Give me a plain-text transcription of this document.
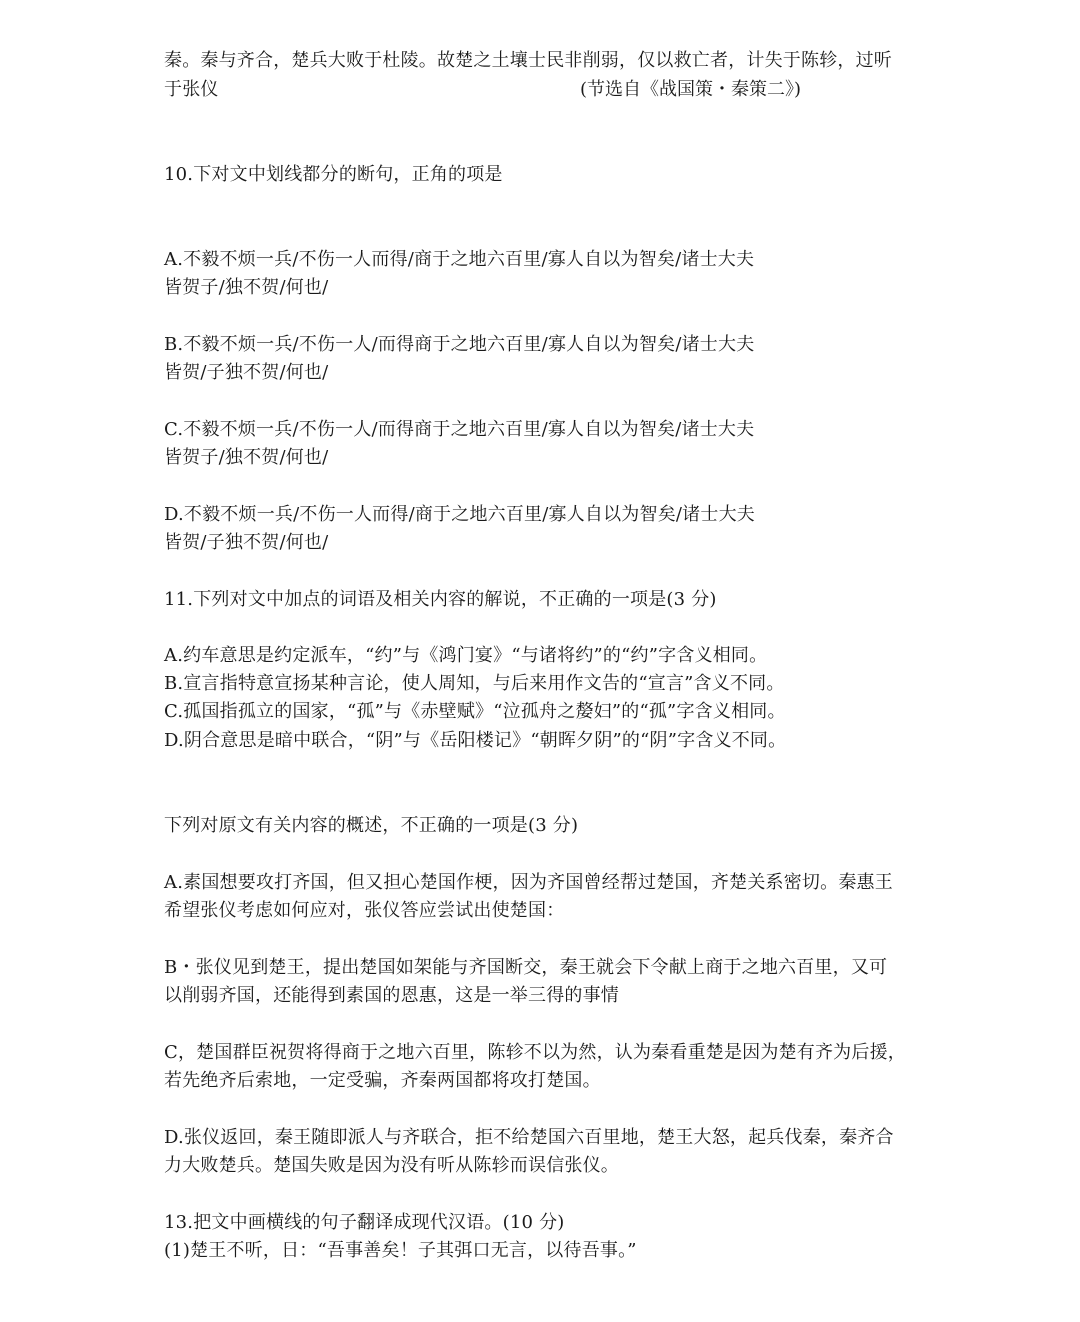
秦。秦与齐合，楚兵大败于杜陵。故楚之土壤士民非削弱，仅以救亡者，计失于陈轸，过听
于张仪	(节选自《战国策・秦策二》)
10.下对文中划线都分的断句，正角的项是
A.不毅不烦一兵/不伤一人而得/商于之地六百里/寡人自以为智矣/诸士大夫
皆贺子/独不贺/何也/
B.不毅不烦一兵/不伤一人/而得商于之地六百里/寡人自以为智矣/诸士大夫
皆贺/子独不贺/何也/
C.不毅不烦一兵/不伤一人/而得商于之地六百里/寡人自以为智矣/诸士大夫
皆贺子/独不贺/何也/
D.不毅不烦一兵/不伤一人而得/商于之地六百里/寡人自以为智矣/诸士大夫
皆贺/子独不贺/何也/
11.下列对文中加点的词语及相关内容的解说，不正确的一项是(3 分)
A.约车意思是约定派车，“约”与《鸿门宴》“与诸将约”的“约”字含义相同。
B.宣言指特意宣扬某种言论，使人周知，与后来用作文告的“宣言”含义不同。
C.孤国指孤立的国家，“孤”与《赤壁赋》“泣孤舟之嫠妇”的“孤”字含义相同。
D.阴合意思是暗中联合，“阴”与《岳阳楼记》“朝晖夕阴”的“阴”字含义不同。
下列对原文有关内容的概述，不正确的一项是(3 分)
A.素国想要攻打齐国，但又担心楚国作梗，因为齐国曾经帮过楚国，齐楚关系密切。秦惠王
希望张仪考虑如何应对，张仪答应尝试出使楚国：
B・张仪见到楚王，提出楚国如架能与齐国断交，秦王就会下令献上商于之地六百里，又可
以削弱齐国，还能得到素国的恩惠，这是一举三得的事情
C，楚国群臣祝贺将得商于之地六百里，陈轸不以为然，认为秦看重楚是因为楚有齐为后援，
若先绝齐后索地，一定受骗，齐秦两国都将攻打楚国。
D.张仪返回，秦王随即派人与齐联合，拒不给楚国六百里地，楚王大怒，起兵伐秦，秦齐合
力大败楚兵。楚国失败是因为没有听从陈轸而误信张仪。
13.把文中画横线的句子翻译成现代汉语。(10 分)
(1)楚王不听，日：“吾事善矣！子其弭口无言，以待吾事。”
